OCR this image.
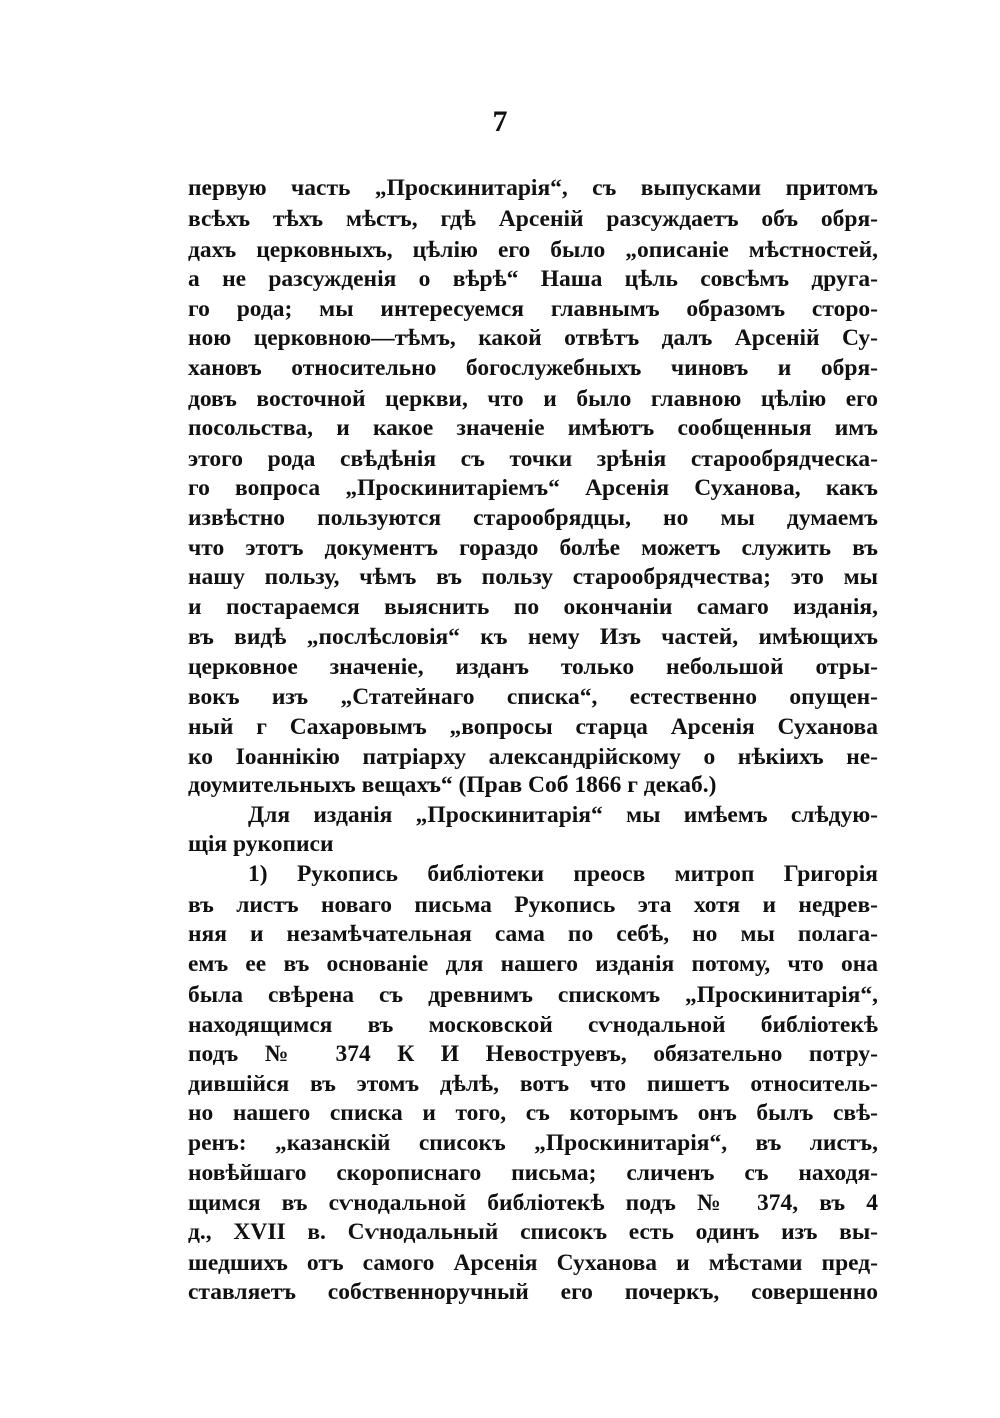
7
первую часть „Проскинитарія“, съ выпусками притомъ
всѣхъ тѣхъ мѣстъ, гдѣ Арсеній разсуждаетъ объ обря-
дахъ церковныхъ, цѣлію его было „описаніе мѣстностей,
а не разсужденія о вѣрѣ“ Наша цѣль совсѣмъ друга-
го рода; мы интересуемся главнымъ образомъ сторо-
ною церковною—тѣмъ, какой отвѣтъ далъ Арсеній Су-
хановъ относительно богослужебныхъ чиновъ и обря-
довъ восточной церкви, что и было главною цѣлію его
посольства, и какое значеніе имѣютъ сообщенныя имъ
этого рода свѣдѣнія съ точки зрѣнія старообрядческа-
го вопроса „Проскинитаріемъ“ Арсенія Суханова, какъ
извѣстно пользуются старообрядцы, но мы думаемъ
что этотъ документъ гораздо болѣе можетъ служить въ
нашу пользу, чѣмъ въ пользу старообрядчества; это мы
и постараемся выяснить по окончаніи самаго изданія,
въ видѣ „послѣсловія“ къ нему Изъ частей, имѣющихъ
церковное значеніе, изданъ только небольшой отры-
вокъ изъ „Статейнаго списка“, естественно опущен-
ный г Сахаровымъ „вопросы старца Арсенія Суханова
ко Іоаннікію патріарху александрійскому о нѣкіихъ не-
доумительныхъ вещахъ“ (Прав Соб 1866 г декаб.)
Для изданія „Проскинитарія“ мы имѣемъ слѣдую-
щія рукописи
1) Рукопись библіотеки преосв митроп Григорія
въ листъ новаго письма Рукопись эта хотя и недрев-
няя и незамѣчательная сама по себѣ, но мы полага-
емъ ее въ основаніе для нашего изданія потому, что она
была свѣрена съ древнимъ спискомъ „Проскинитарія“,
находящимся въ московской сѵнодальной библіотекѣ
подъ № 374 К И Невоструевъ, обязательно потру-
дившійся въ этомъ дѣлѣ, вотъ что пишетъ относитель-
но нашего списка и того, съ которымъ онъ былъ свѣ-
ренъ: „казанскій списокъ „Проскинитарія“, въ листъ,
новѣйшаго скорописнаго письма; сличенъ съ находя-
щимся въ сѵнодальной библіотекѣ подъ № 374, въ 4
д., XVII в. Сѵнодальный списокъ есть одинъ изъ вы-
шедшихъ отъ самого Арсенія Суханова и мѣстами пред-
ставляетъ собственноручный его почеркъ, совершенно
